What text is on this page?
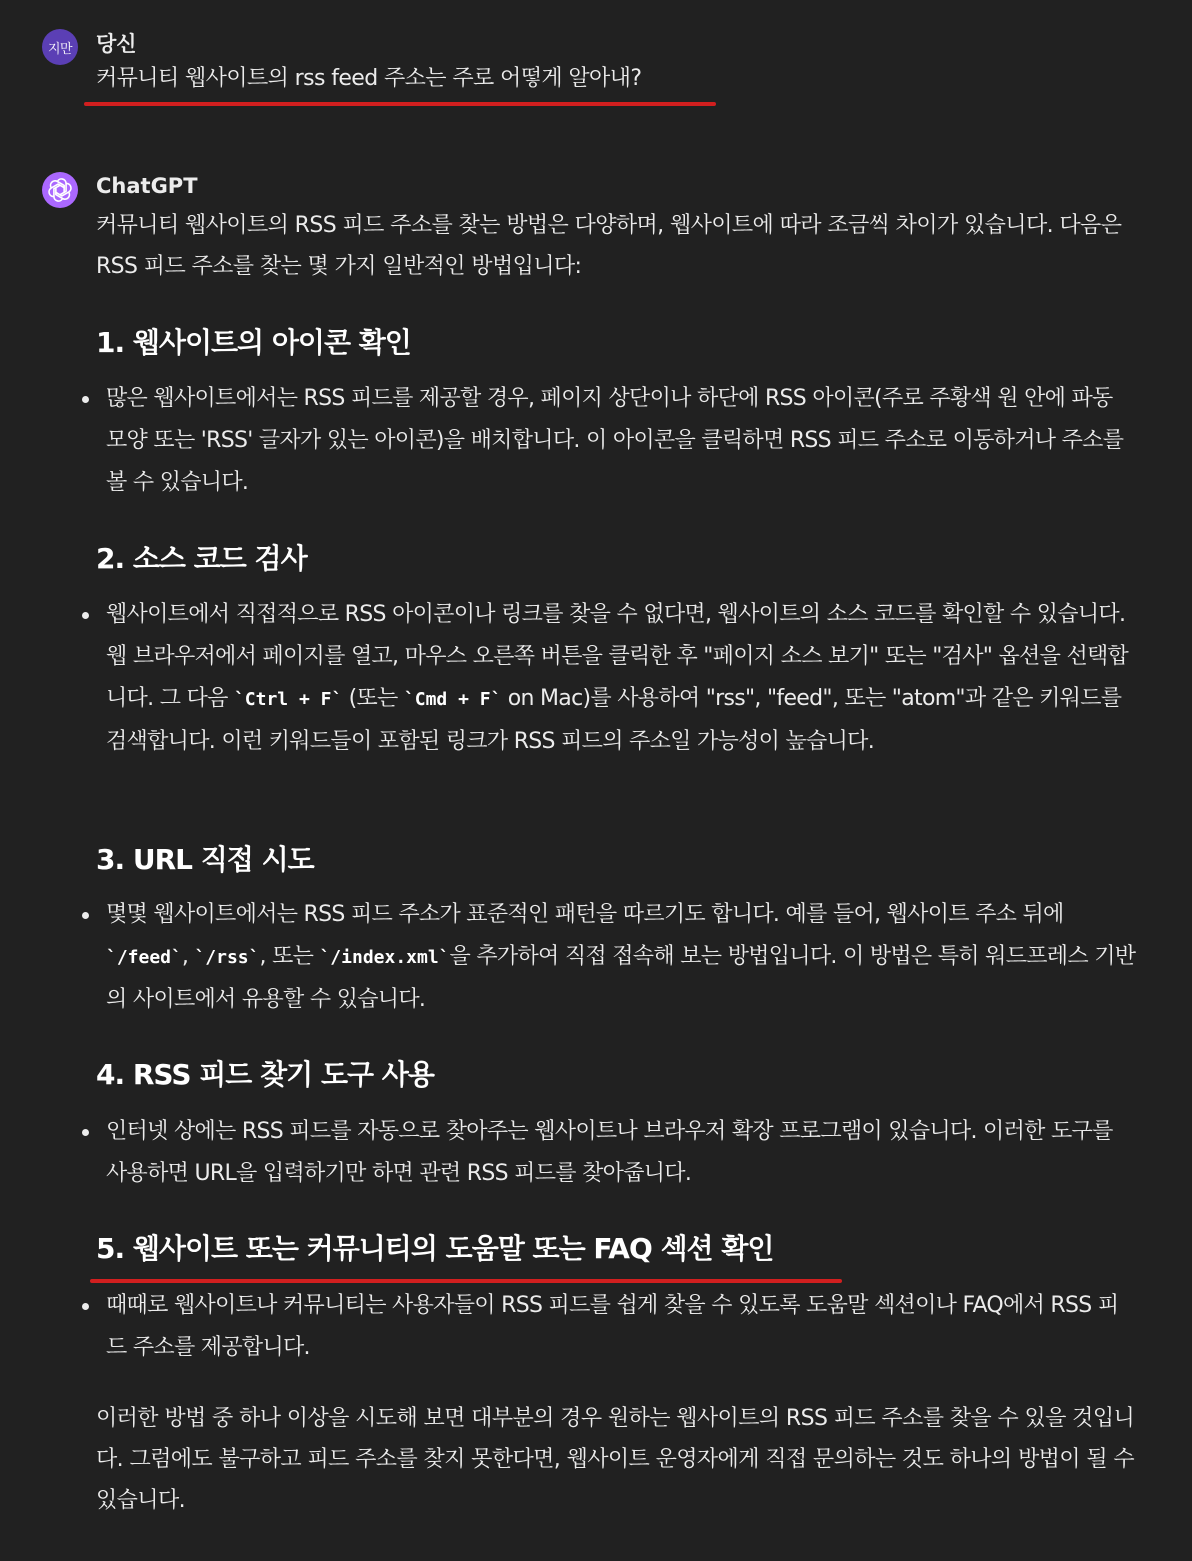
지만 당신
커뮤니티 웹사이트의 rss feed 주소는 주로 어떻게 알아내?
ChatGPT
커뮤니티 웹사이트의 RSS 피드 주소를 찾는 방법은 다양하며, 웹사이트에 따라 조금씩 차이가 있습니다. 다음은 RSS 피드 주소를 찾는 몇 가지 일반적인 방법입니다:
1. 웹사이트의 아이콘 확인
많은 웹사이트에서는 RSS 피드를 제공할 경우, 페이지 상단이나 하단에 RSS 아이콘(주로 주황색 원 안에 파동 모양 또는 'RSS' 글자가 있는 아이콘)을 배치합니다. 이 아이콘을 클릭하면 RSS 피드 주소로 이동하거나 주소를 볼 수 있습니다.
2. 소스 코드 검사
웹사이트에서 직접적으로 RSS 아이콘이나 링크를 찾을 수 없다면, 웹사이트의 소스 코드를 확인할 수 있습니다. 웹 브라우저에서 페이지를 열고, 마우스 오른쪽 버튼을 클릭한 후 "페이지 소스 보기" 또는 "검사" 옵션을 선택합니다. 그 다음 `Ctrl + F` (또는 `Cmd + F` on Mac)를 사용하여 "rss", "feed", 또는 "atom"과 같은 키워드를 검색합니다. 이런 키워드들이 포함된 링크가 RSS 피드의 주소일 가능성이 높습니다.
3. URL 직접 시도
몇몇 웹사이트에서는 RSS 피드 주소가 표준적인 패턴을 따르기도 합니다. 예를 들어, 웹사이트 주소 뒤에 `/feed`, `/rss`, 또는 `/index.xml`을 추가하여 직접 접속해 보는 방법입니다. 이 방법은 특히 워드프레스 기반의 사이트에서 유용할 수 있습니다.
4. RSS 피드 찾기 도구 사용
인터넷 상에는 RSS 피드를 자동으로 찾아주는 웹사이트나 브라우저 확장 프로그램이 있습니다. 이러한 도구를 사용하면 URL을 입력하기만 하면 관련 RSS 피드를 찾아줍니다.
5. 웹사이트 또는 커뮤니티의 도움말 또는 FAQ 섹션 확인
때때로 웹사이트나 커뮤니티는 사용자들이 RSS 피드를 쉽게 찾을 수 있도록 도움말 섹션이나 FAQ에서 RSS 피드 주소를 제공합니다.
이러한 방법 중 하나 이상을 시도해 보면 대부분의 경우 원하는 웹사이트의 RSS 피드 주소를 찾을 수 있을 것입니다. 그럼에도 불구하고 피드 주소를 찾지 못한다면, 웹사이트 운영자에게 직접 문의하는 것도 하나의 방법이 될 수 있습니다.
